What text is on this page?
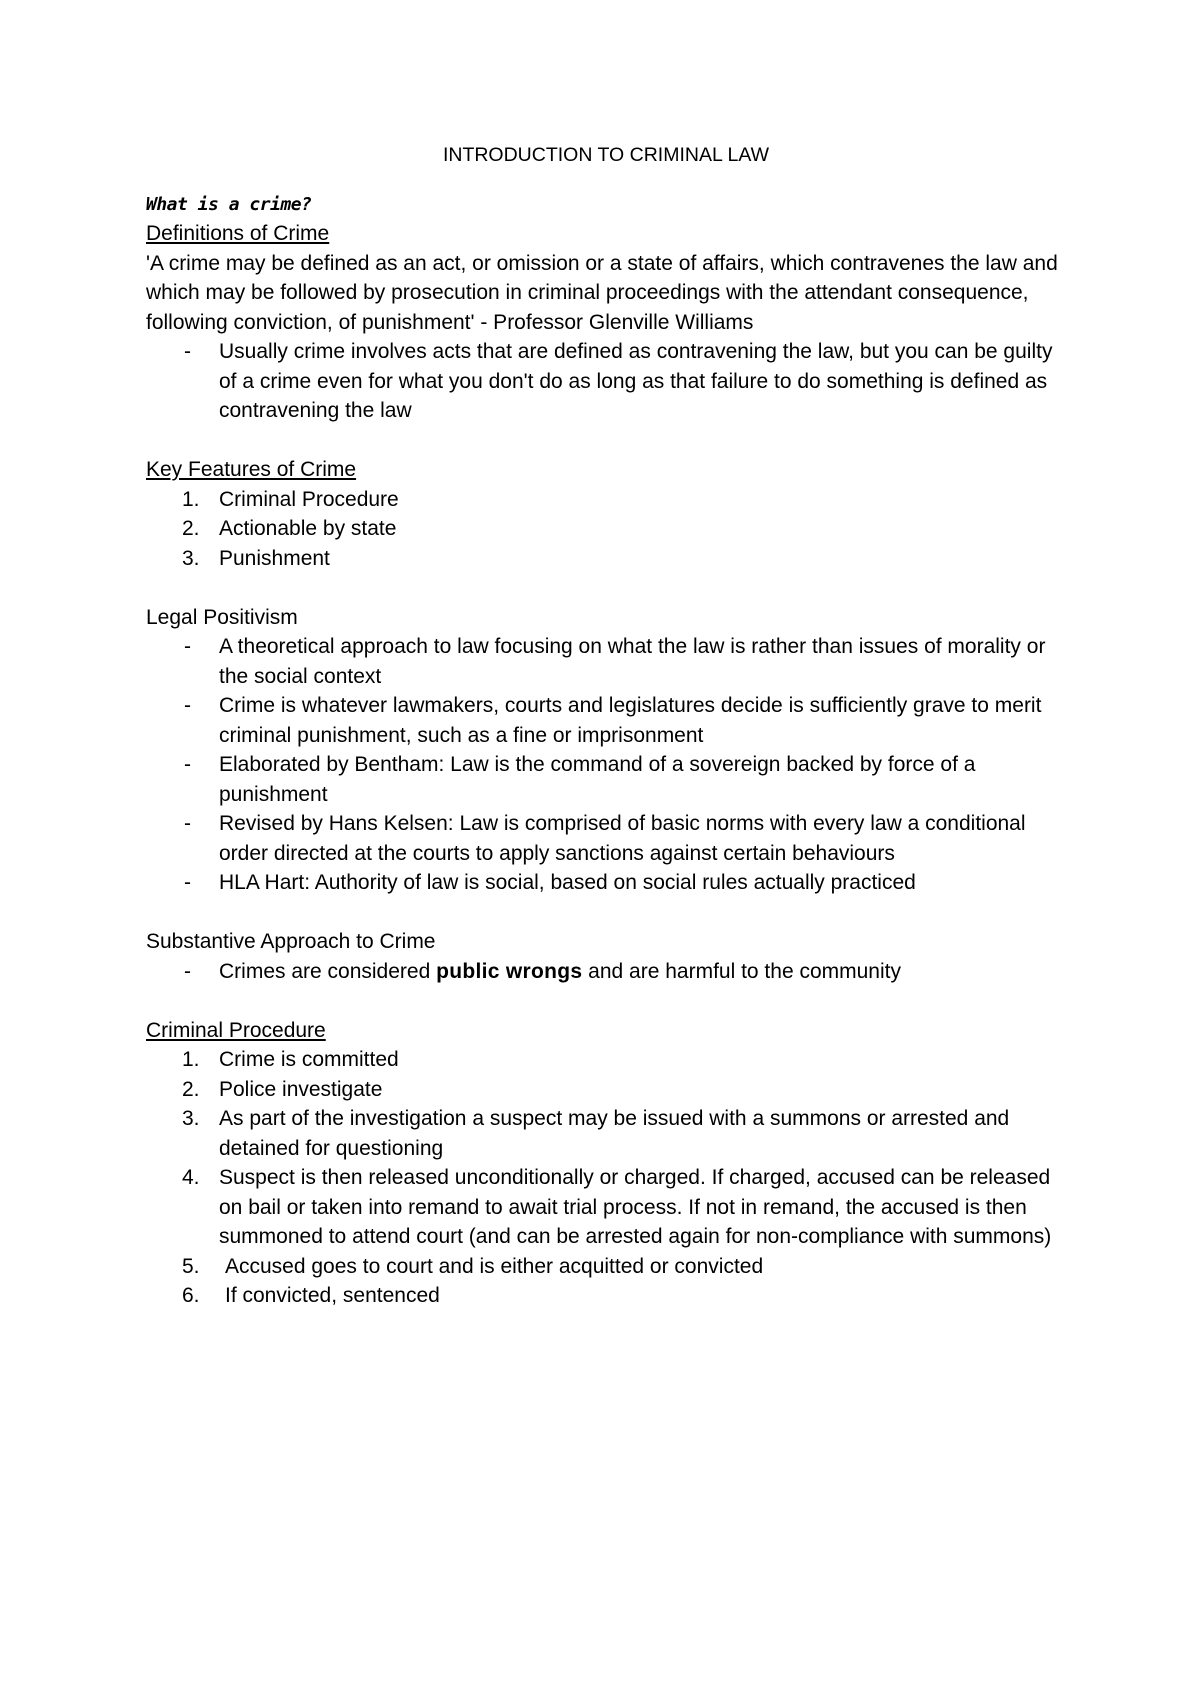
INTRODUCTION TO CRIMINAL LAW

What is a crime?

Definitions of Crime

'A crime may be defined as an act, or omission or a state of affairs, which contravenes the law and which may be followed by prosecution in criminal proceedings with the attendant consequence, following conviction, of punishment' - Professor Glenville Williams

- Usually crime involves acts that are defined as contravening the law, but you can be guilty of a crime even for what you don't do as long as that failure to do something is defined as contravening the law

Key Features of Crime

1. Criminal Procedure
2. Actionable by state
3. Punishment

Legal Positivism

- A theoretical approach to law focusing on what the law is rather than issues of morality or the social context
- Crime is whatever lawmakers, courts and legislatures decide is sufficiently grave to merit criminal punishment, such as a fine or imprisonment
- Elaborated by Bentham: Law is the command of a sovereign backed by force of a punishment
- Revised by Hans Kelsen: Law is comprised of basic norms with every law a conditional order directed at the courts to apply sanctions against certain behaviours
- HLA Hart: Authority of law is social, based on social rules actually practiced

Substantive Approach to Crime

- Crimes are considered public wrongs and are harmful to the community

Criminal Procedure

1. Crime is committed
2. Police investigate
3. As part of the investigation a suspect may be issued with a summons or arrested and detained for questioning
4. Suspect is then released unconditionally or charged. If charged, accused can be released on bail or taken into remand to await trial process. If not in remand, the accused is then summoned to attend court (and can be arrested again for non-compliance with summons)
5. Accused goes to court and is either acquitted or convicted
6. If convicted, sentenced
